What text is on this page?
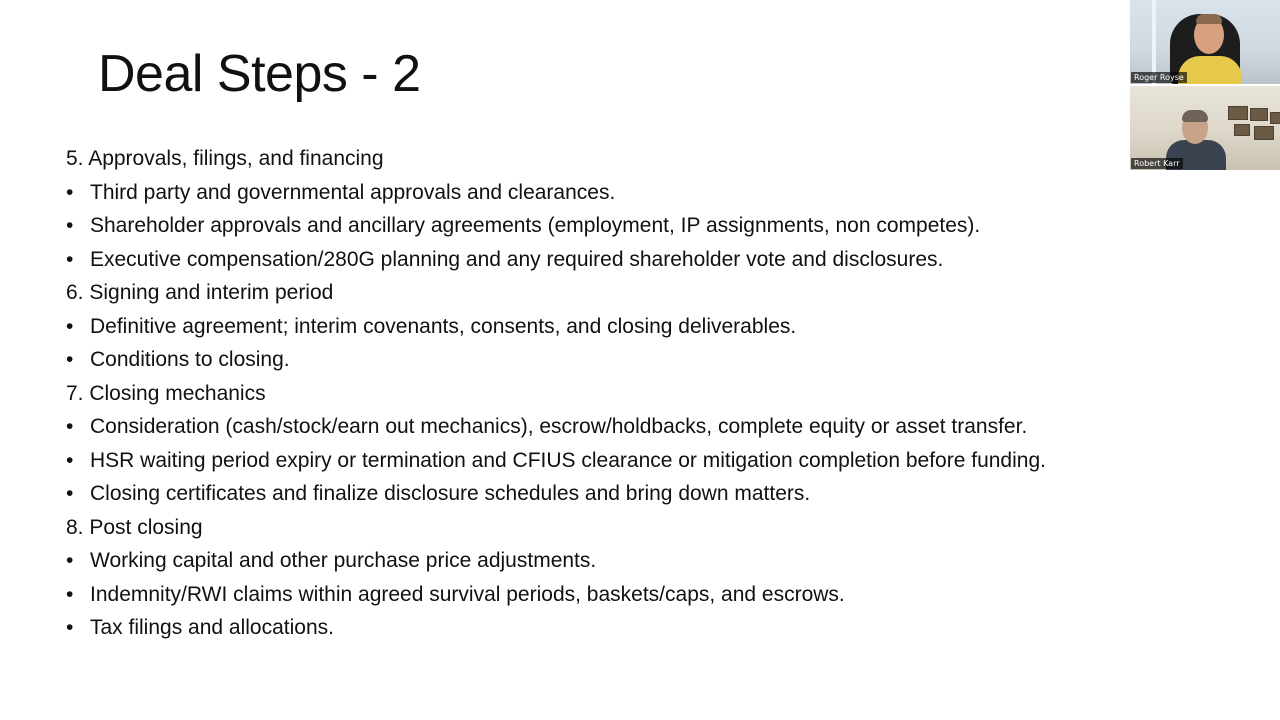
Deal Steps - 2
5. Approvals, filings, and financing
• Third party and governmental approvals and clearances.
• Shareholder approvals and ancillary agreements (employment, IP assignments, non competes).
• Executive compensation/280G planning and any required shareholder vote and disclosures.
6. Signing and interim period
• Definitive agreement; interim covenants, consents, and closing deliverables.
• Conditions to closing.
7. Closing mechanics
• Consideration (cash/stock/earn out mechanics), escrow/holdbacks, complete equity or asset transfer.
• HSR waiting period expiry or termination and CFIUS clearance or mitigation completion before funding.
• Closing certificates and finalize disclosure schedules and bring down matters.
8. Post closing
• Working capital and other purchase price adjustments.
• Indemnity/RWI claims within agreed survival periods, baskets/caps, and escrows.
• Tax filings and allocations.
Roger Royse
Robert Karr
